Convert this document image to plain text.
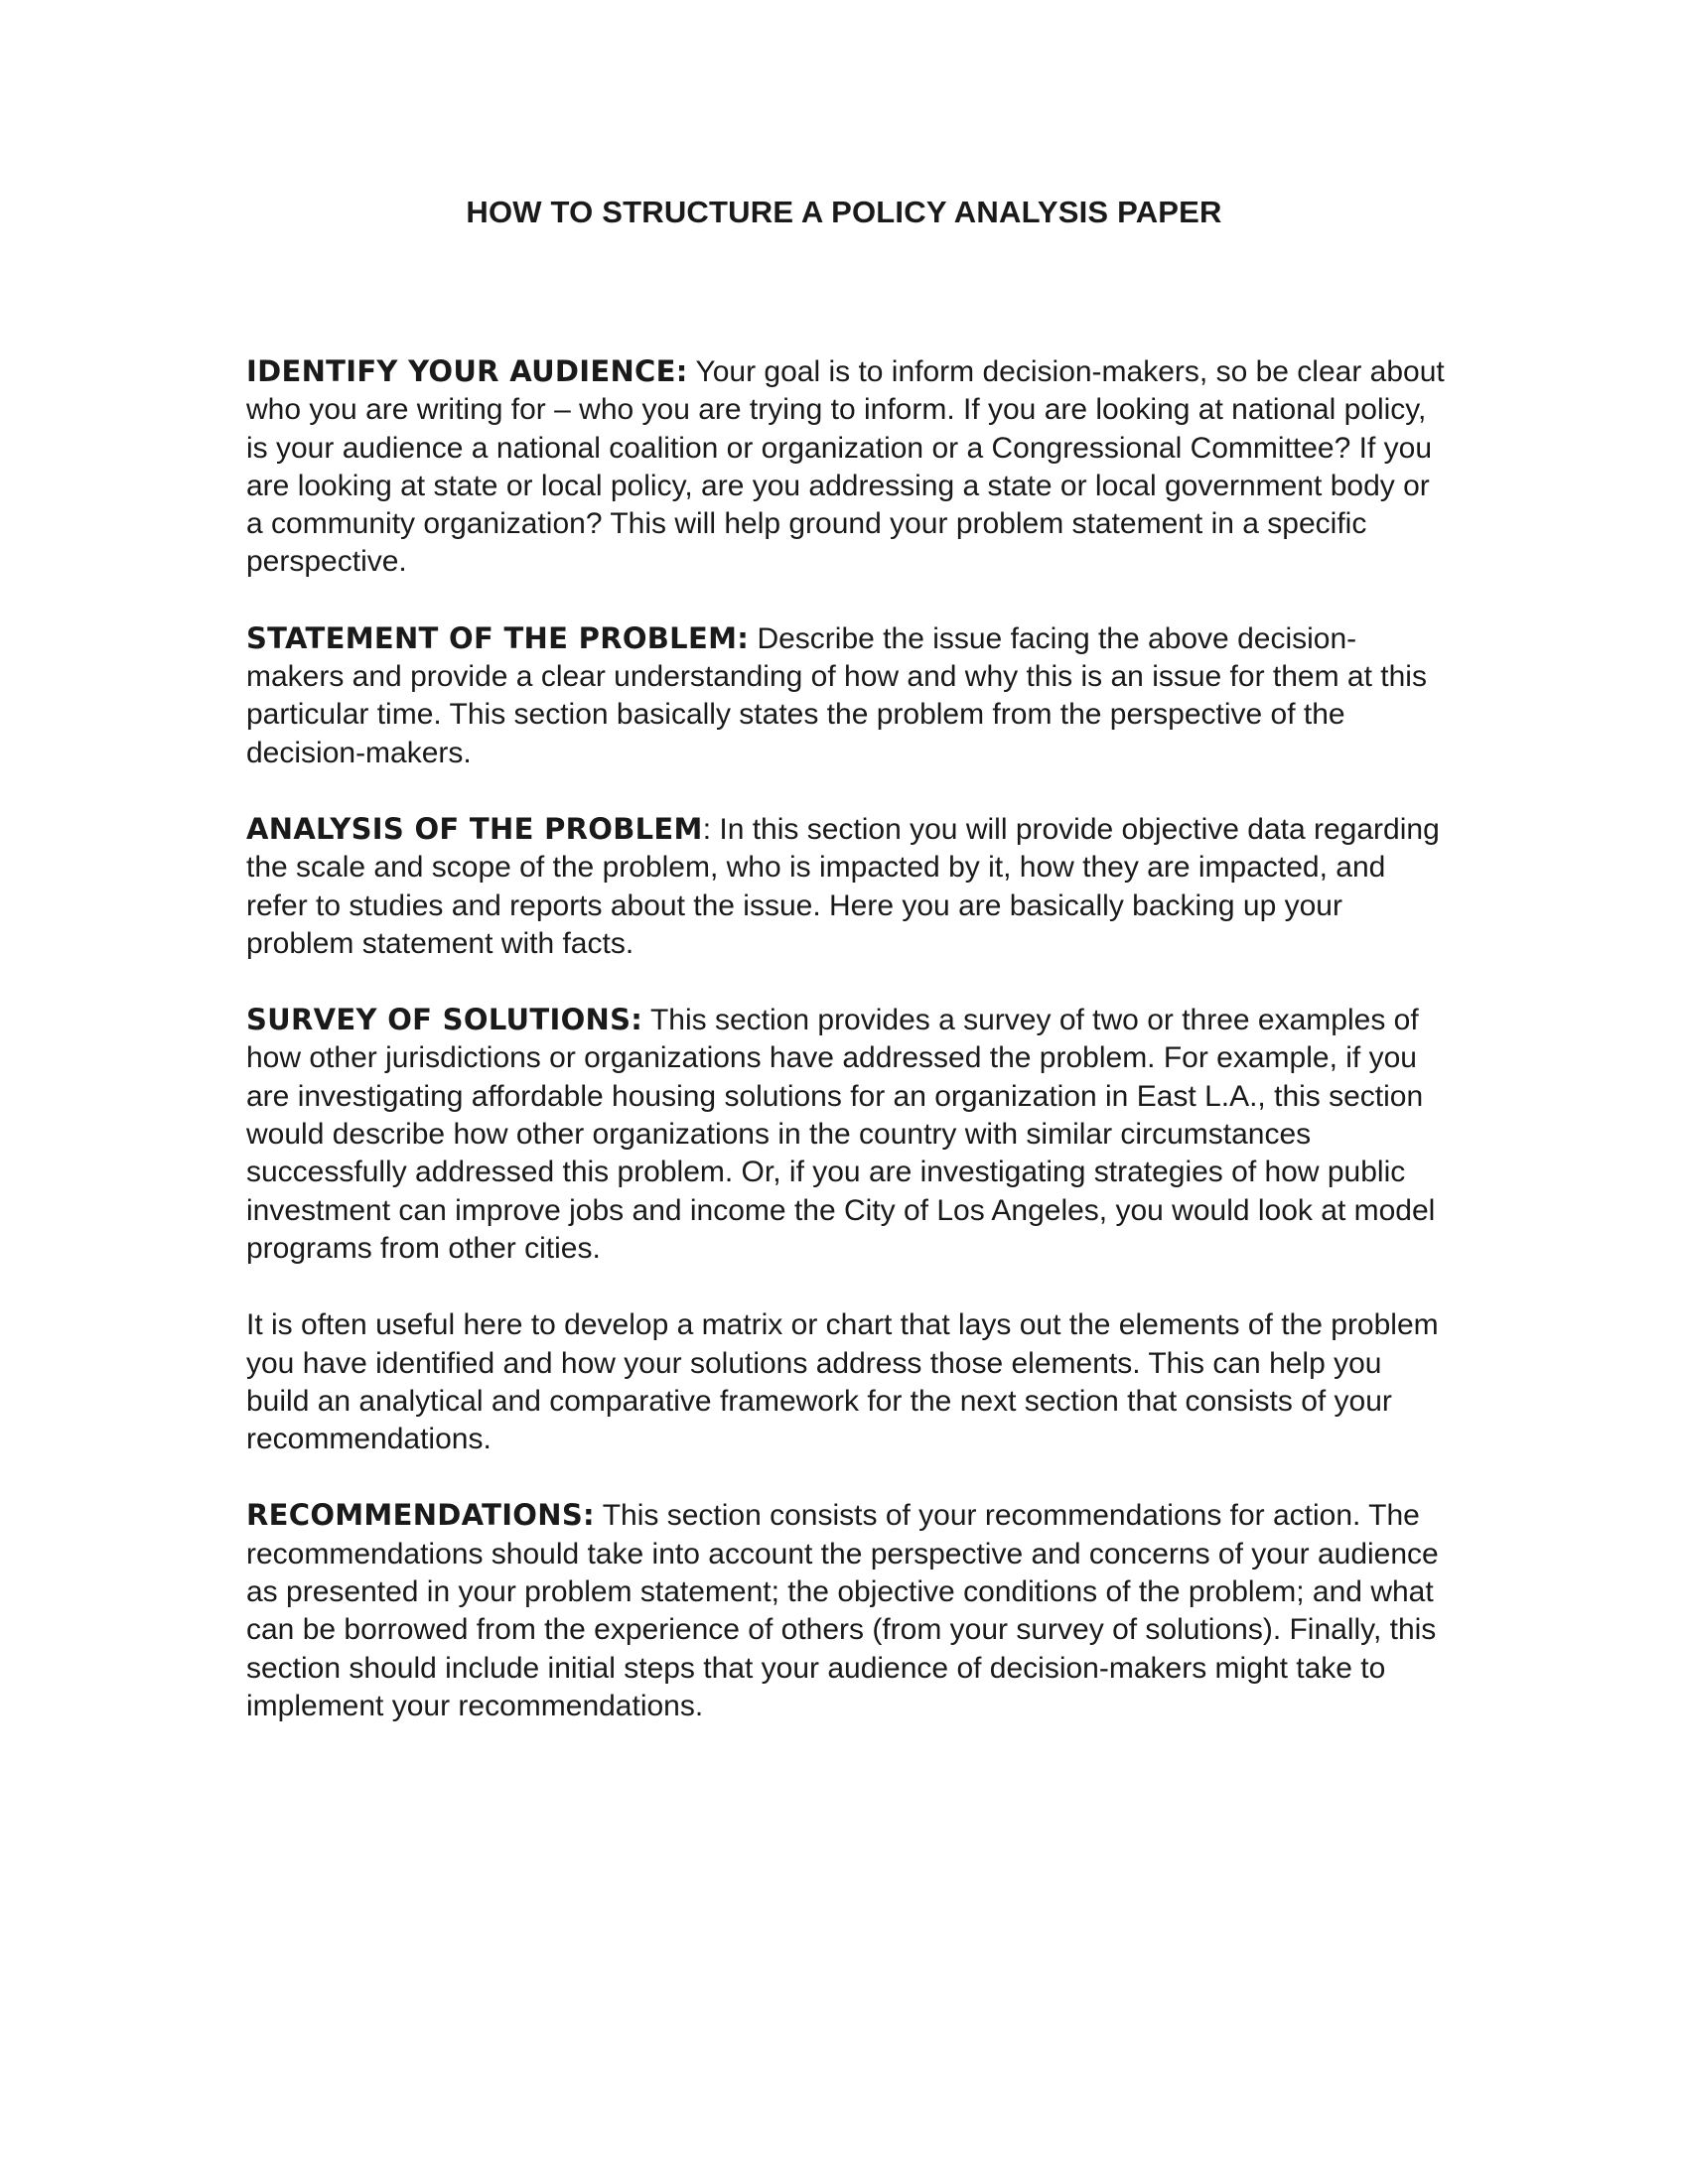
HOW TO STRUCTURE A POLICY ANALYSIS PAPER

IDENTIFY YOUR AUDIENCE: Your goal is to inform decision-makers, so be clear about who you are writing for – who you are trying to inform. If you are looking at national policy, is your audience a national coalition or organization or a Congressional Committee? If you are looking at state or local policy, are you addressing a state or local government body or a community organization? This will help ground your problem statement in a specific perspective.

STATEMENT OF THE PROBLEM: Describe the issue facing the above decision-makers and provide a clear understanding of how and why this is an issue for them at this particular time. This section basically states the problem from the perspective of the decision-makers.

ANALYSIS OF THE PROBLEM: In this section you will provide objective data regarding the scale and scope of the problem, who is impacted by it, how they are impacted, and refer to studies and reports about the issue. Here you are basically backing up your problem statement with facts.

SURVEY OF SOLUTIONS: This section provides a survey of two or three examples of how other jurisdictions or organizations have addressed the problem. For example, if you are investigating affordable housing solutions for an organization in East L.A., this section would describe how other organizations in the country with similar circumstances successfully addressed this problem. Or, if you are investigating strategies of how public investment can improve jobs and income the City of Los Angeles, you would look at model programs from other cities.

It is often useful here to develop a matrix or chart that lays out the elements of the problem you have identified and how your solutions address those elements. This can help you build an analytical and comparative framework for the next section that consists of your recommendations.

RECOMMENDATIONS: This section consists of your recommendations for action. The recommendations should take into account the perspective and concerns of your audience as presented in your problem statement; the objective conditions of the problem; and what can be borrowed from the experience of others (from your survey of solutions). Finally, this section should include initial steps that your audience of decision-makers might take to implement your recommendations.
